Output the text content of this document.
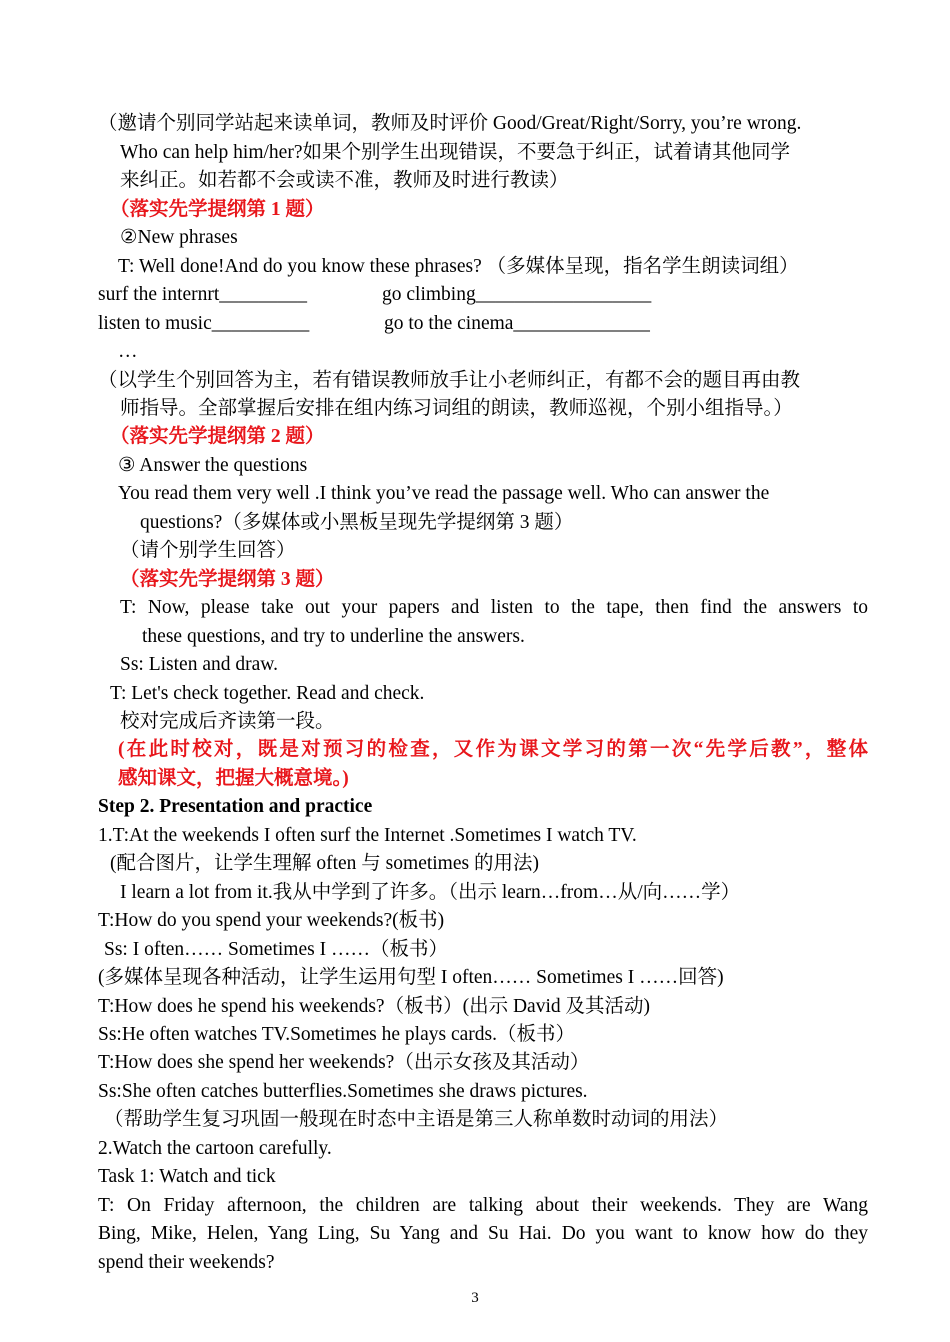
（邀请个别同学站起来读单词，教师及时评价 Good/Great/Right/Sorry, you’re wrong.
Who can help him/her?如果个别学生出现错误，不要急于纠正，试着请其他同学
来纠正。如若都不会或读不准，教师及时进行教读）
（落实先学提纲第 1 题）
②New phrases
T: Well done!And do you know these phrases? （多媒体呈现，指名学生朗读词组）
surf the internrt_________	go climbing__________________
listen to music__________	go to the cinema______________
…
（以学生个别回答为主，若有错误教师放手让小老师纠正，有都不会的题目再由教
师指导。全部掌握后安排在组内练习词组的朗读，教师巡视，个别小组指导。）
（落实先学提纲第 2 题）
③ Answer the questions
You read them very well .I think you’ve read the passage well. Who can answer the
questions?（多媒体或小黑板呈现先学提纲第 3 题）
（请个别学生回答）
（落实先学提纲第 3 题）
T: Now, please take out your papers and listen to the tape, then find the answers to
these questions, and try to underline the answers.
Ss: Listen and draw.
T: Let's check together. Read and check.
校对完成后齐读第一段。
(在此时校对，既是对预习的检查，又作为课文学习的第一次“先学后教”，整体
感知课文，把握大概意境。)
Step 2. Presentation and practice
1.T:At the weekends I often surf the Internet .Sometimes I watch TV.
(配合图片，让学生理解 often 与 sometimes 的用法)
I learn a lot from it.我从中学到了许多。（出示 learn…from…从/向……学）
T:How do you spend your weekends?(板书)
Ss: I often…… Sometimes I ……（板书）
(多媒体呈现各种活动，让学生运用句型 I often…… Sometimes I ……回答)
T:How does he spend his weekends?（板书）(出示 David 及其活动)
Ss:He often watches TV.Sometimes he plays cards.（板书）
T:How does she spend her weekends?（出示女孩及其活动）
Ss:She often catches butterflies.Sometimes she draws pictures.
（帮助学生复习巩固一般现在时态中主语是第三人称单数时动词的用法）
2.Watch the cartoon carefully.
Task 1: Watch and tick
T: On Friday afternoon, the children are talking about their weekends. They are Wang
Bing, Mike, Helen, Yang Ling, Su Yang and Su Hai. Do you want to know how do they
spend their weekends?
3
